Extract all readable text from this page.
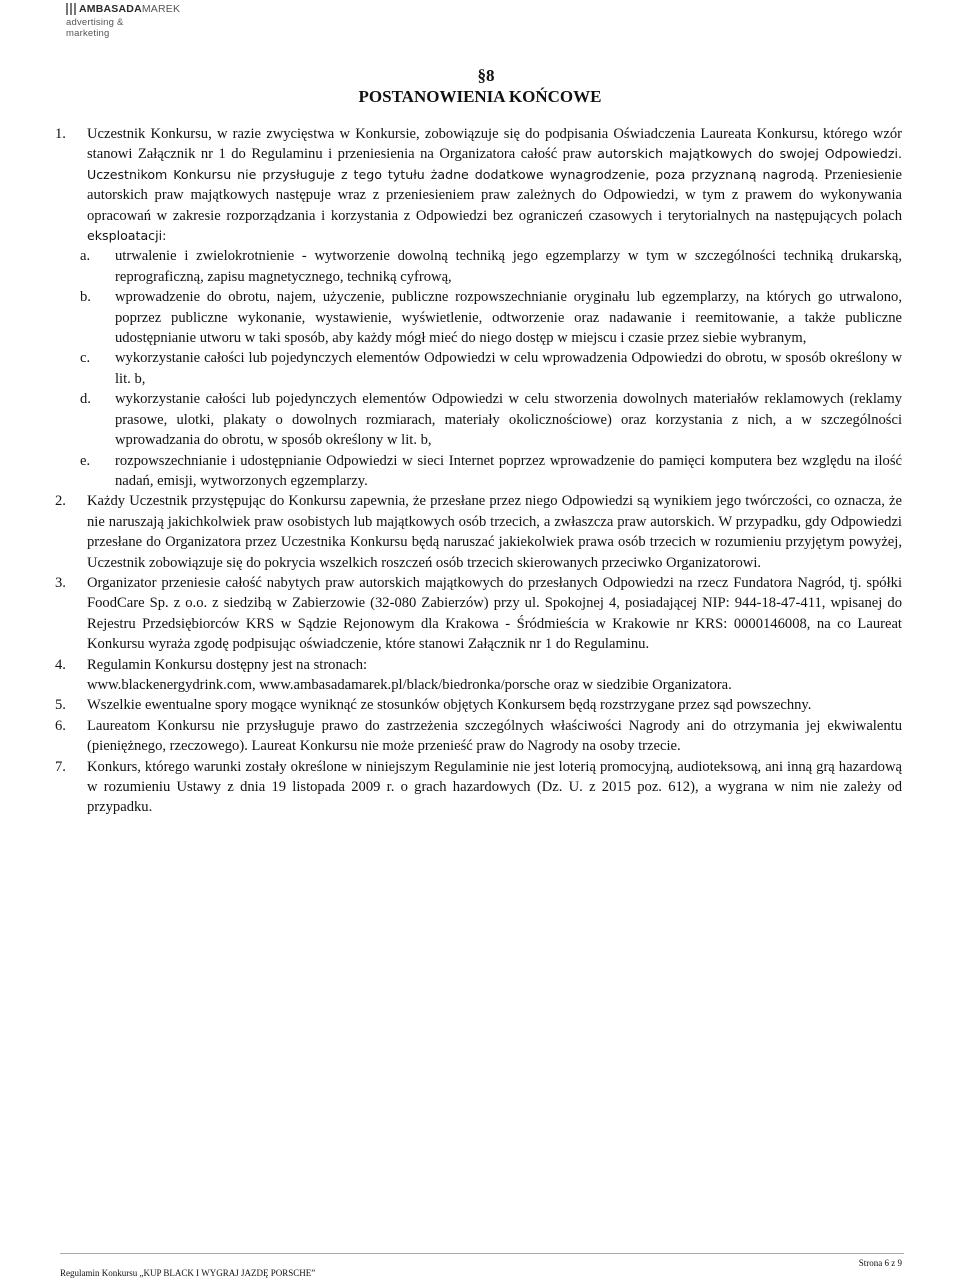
AMBASADAMAREK
advertising & marketing
§8
POSTANOWIENIA KOŃCOWE
1. Uczestnik Konkursu, w razie zwycięstwa w Konkursie, zobowiązuje się do podpisania Oświadczenia Laureata Konkursu, którego wzór stanowi Załącznik nr 1 do Regulaminu i przeniesienia na Organizatora całość praw autorskich majątkowych do swojej Odpowiedzi. Uczestnikom Konkursu nie przysługuje z tego tytułu żadne dodatkowe wynagrodzenie, poza przyznaną nagrodą. Przeniesienie autorskich praw majątkowych następuje wraz z przeniesieniem praw zależnych do Odpowiedzi, w tym z prawem do wykonywania opracowań w zakresie rozporządzania i korzystania z Odpowiedzi bez ograniczeń czasowych i terytorialnych na następujących polach eksploatacji:
a. utrwalenie i zwielokrotnienie - wytworzenie dowolną techniką jego egzemplarzy w tym w szczególności techniką drukarską, reprograficzną, zapisu magnetycznego, techniką cyfrową,
b. wprowadzenie do obrotu, najem, użyczenie, publiczne rozpowszechnianie oryginału lub egzemplarzy, na których go utrwalono, poprzez publiczne wykonanie, wystawienie, wyświetlenie, odtworzenie oraz nadawanie i reemitowanie, a także publiczne udostępnianie utworu w taki sposób, aby każdy mógł mieć do niego dostęp w miejscu i czasie przez siebie wybranym,
c. wykorzystanie całości lub pojedynczych elementów Odpowiedzi w celu wprowadzenia Odpowiedzi do obrotu, w sposób określony w lit. b,
d. wykorzystanie całości lub pojedynczych elementów Odpowiedzi w celu stworzenia dowolnych materiałów reklamowych (reklamy prasowe, ulotki, plakaty o dowolnych rozmiarach, materiały okolicznościowe) oraz korzystania z nich, a w szczególności wprowadzania do obrotu, w sposób określony w lit. b,
e. rozpowszechnianie i udostępnianie Odpowiedzi w sieci Internet poprzez wprowadzenie do pamięci komputera bez względu na ilość nadań, emisji, wytworzonych egzemplarzy.
2. Każdy Uczestnik przystępując do Konkursu zapewnia, że przesłane przez niego Odpowiedzi są wynikiem jego twórczości, co oznacza, że nie naruszają jakichkolwiek praw osobistych lub majątkowych osób trzecich, a zwłaszcza praw autorskich. W przypadku, gdy Odpowiedzi przesłane do Organizatora przez Uczestnika Konkursu będą naruszać jakiekolwiek prawa osób trzecich w rozumieniu przyjętym powyżej, Uczestnik zobowiązuje się do pokrycia wszelkich roszczeń osób trzecich skierowanych przeciwko Organizatorowi.
3. Organizator przeniesie całość nabytych praw autorskich majątkowych do przesłanych Odpowiedzi na rzecz Fundatora Nagród, tj. spółki FoodCare Sp. z o.o. z siedzibą w Zabierzowie (32-080 Zabierzów) przy ul. Spokojnej 4, posiadającej NIP: 944-18-47-411, wpisanej do Rejestru Przedsiębiorców KRS w Sądzie Rejonowym dla Krakowa - Śródmieścia w Krakowie nr KRS: 0000146008, na co Laureat Konkursu wyraża zgodę podpisując oświadczenie, które stanowi Załącznik nr 1 do Regulaminu.
4. Regulamin Konkursu dostępny jest na stronach:
www.blackenergydrink.com, www.ambasadamarek.pl/black/biedronka/porsche oraz w siedzibie Organizatora.
5. Wszelkie ewentualne spory mogące wyniknąć ze stosunków objętych Konkursem będą rozstrzygane przez sąd powszechny.
6. Laureatom Konkursu nie przysługuje prawo do zastrzeżenia szczególnych właściwości Nagrody ani do otrzymania jej ekwiwalentu (pieniężnego, rzeczowego). Laureat Konkursu nie może przenieść praw do Nagrody na osoby trzecie.
7. Konkurs, którego warunki zostały określone w niniejszym Regulaminie nie jest loterią promocyjną, audioteksową, ani inną grą hazardową w rozumieniu Ustawy z dnia 19 listopada 2009 r. o grach hazardowych (Dz. U. z 2015 poz. 612), a wygrana w nim nie zależy od przypadku.
Strona 6 z 9
Regulamin Konkursu „KUP BLACK I WYGRAJ JAZDĘ PORSCHE”
